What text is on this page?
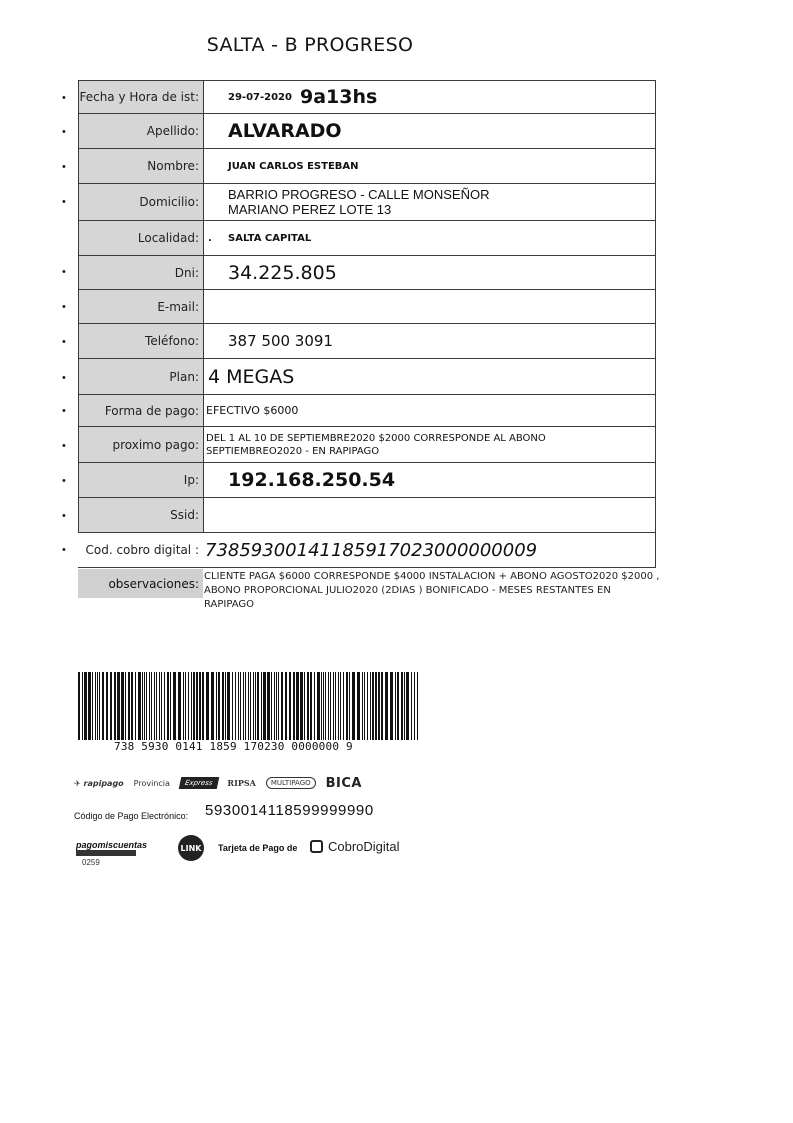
SALTA - B PROGRESO
•	Fecha y Hora de ist:	29-07-2020 9a13hs
•	Apellido: ALVARADO
•	Nombre:	JUAN CARLOS ESTEBAN
•	Domicilio:	BARRIO PROGRESO - CALLE MONSEÑOR
MARIANO PEREZ LOTE 13
Localidad: .	SALTA CAPITAL
•	Dni: 34.225.805
•	E-mail:
•	Teléfono:	387 500 3091
•	Plan: 4 MEGAS
•	Forma de pago: EFECTIVO $6000
•	proximo pago: DEL 1 AL 10 DE SEPTIEMBRE2020 $2000 CORRESPONDE AL ABONO
SEPTIEMBREO2020 - EN RAPIPAGO
•	Ip: 192.168.250.54
•	Ssid:
•	Cod. cobro digital : 73859300141185917023000000009
observaciones: CLIENTE PAGA $6000 CORRESPONDE $4000 INSTALACION + ABONO AGOSTO2020 $2000 , ABONO PROPORCIONAL JULIO2020 (2DIAS ) BONIFICADO - MESES RESTANTES EN RAPIPAGO
738 5930 0141 1859 170230 0000000 9
✈ rapipago Provincia	Express	RIPSA	MULTIPAGO	BICA
Código de Pago Electrónico: 5930014118599999990
pagomiscuentas
0259
LINK Tarjeta de Pago de CobroDigital
